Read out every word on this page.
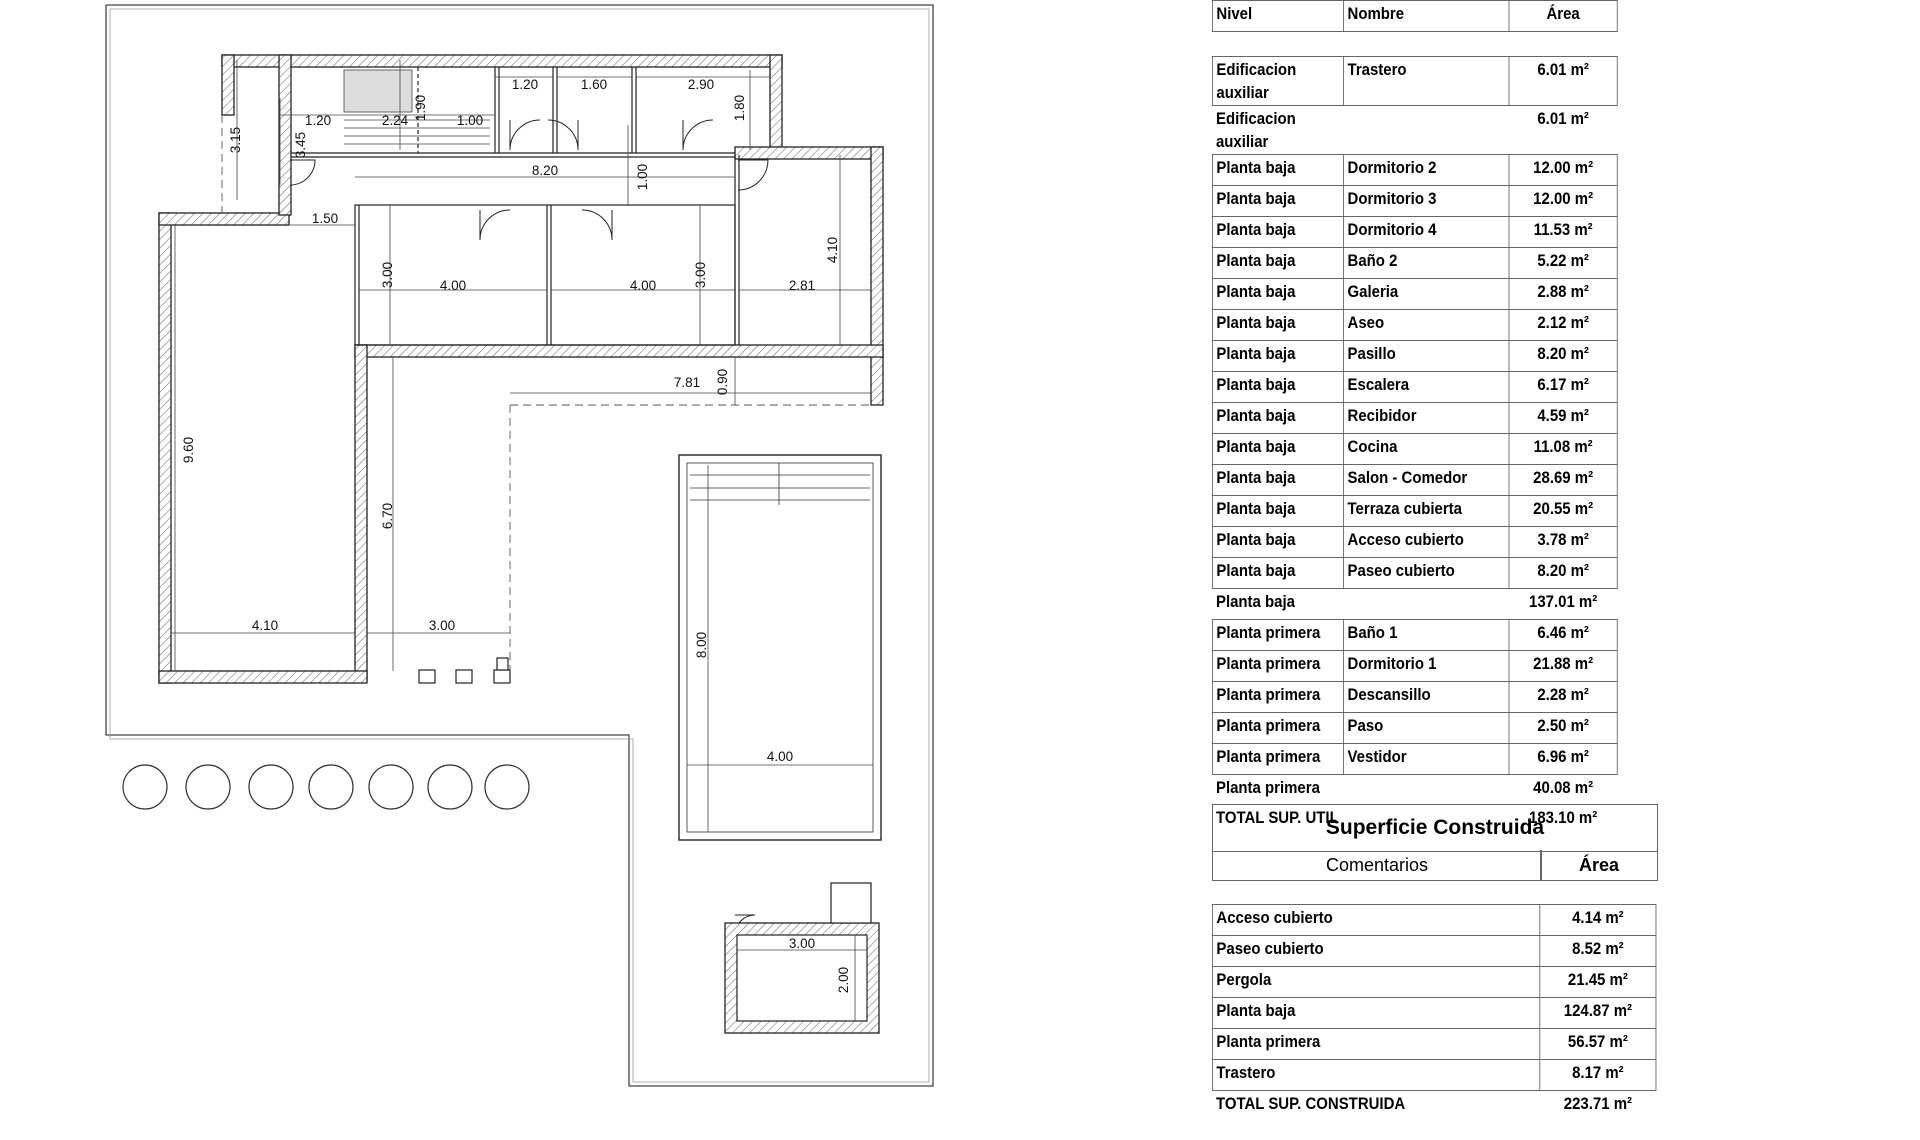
3.15
1.20
3.45
2.24 1.90 1.00
1.20	1.60	2.90
1.80
8.20	1.00
1.50
4.10
3.00	4.00	4.00	3.00	2.81
7.81 0.90
9.60
6.70
4.10	3.00
8.00
4.00
3.00
2.00
Nivel	Nombre	Área

Edificacion auxiliar	Trastero	6.01 m²
Edificacion auxiliar		6.01 m²
Planta baja	Dormitorio 2	12.00 m²
Planta baja	Dormitorio 3	12.00 m²
Planta baja	Dormitorio 4	11.53 m²
Planta baja	Baño 2	5.22 m²
Planta baja	Galeria	2.88 m²
Planta baja	Aseo	2.12 m²
Planta baja	Pasillo	8.20 m²
Planta baja	Escalera	6.17 m²
Planta baja	Recibidor	4.59 m²
Planta baja	Cocina	11.08 m²
Planta baja	Salon - Comedor	28.69 m²
Planta baja	Terraza cubierta	20.55 m²
Planta baja	Acceso cubierto	3.78 m²
Planta baja	Paseo cubierto	8.20 m²
Planta baja		137.01 m²
Planta primera	Baño 1	6.46 m²
Planta primera	Dormitorio 1	21.88 m²
Planta primera	Descansillo	2.28 m²
Planta primera	Paso	2.50 m²
Planta primera	Vestidor	6.96 m²
Planta primera		40.08 m²
TOTAL SUP. UTIL		183.10 m²
Superficie Construida
Comentarios	Área
Acceso cubierto	4.14 m²
Paseo cubierto	8.52 m²
Pergola	21.45 m²
Planta baja	124.87 m²
Planta primera	56.57 m²
Trastero	8.17 m²
TOTAL SUP. CONSTRUIDA	223.71 m²
